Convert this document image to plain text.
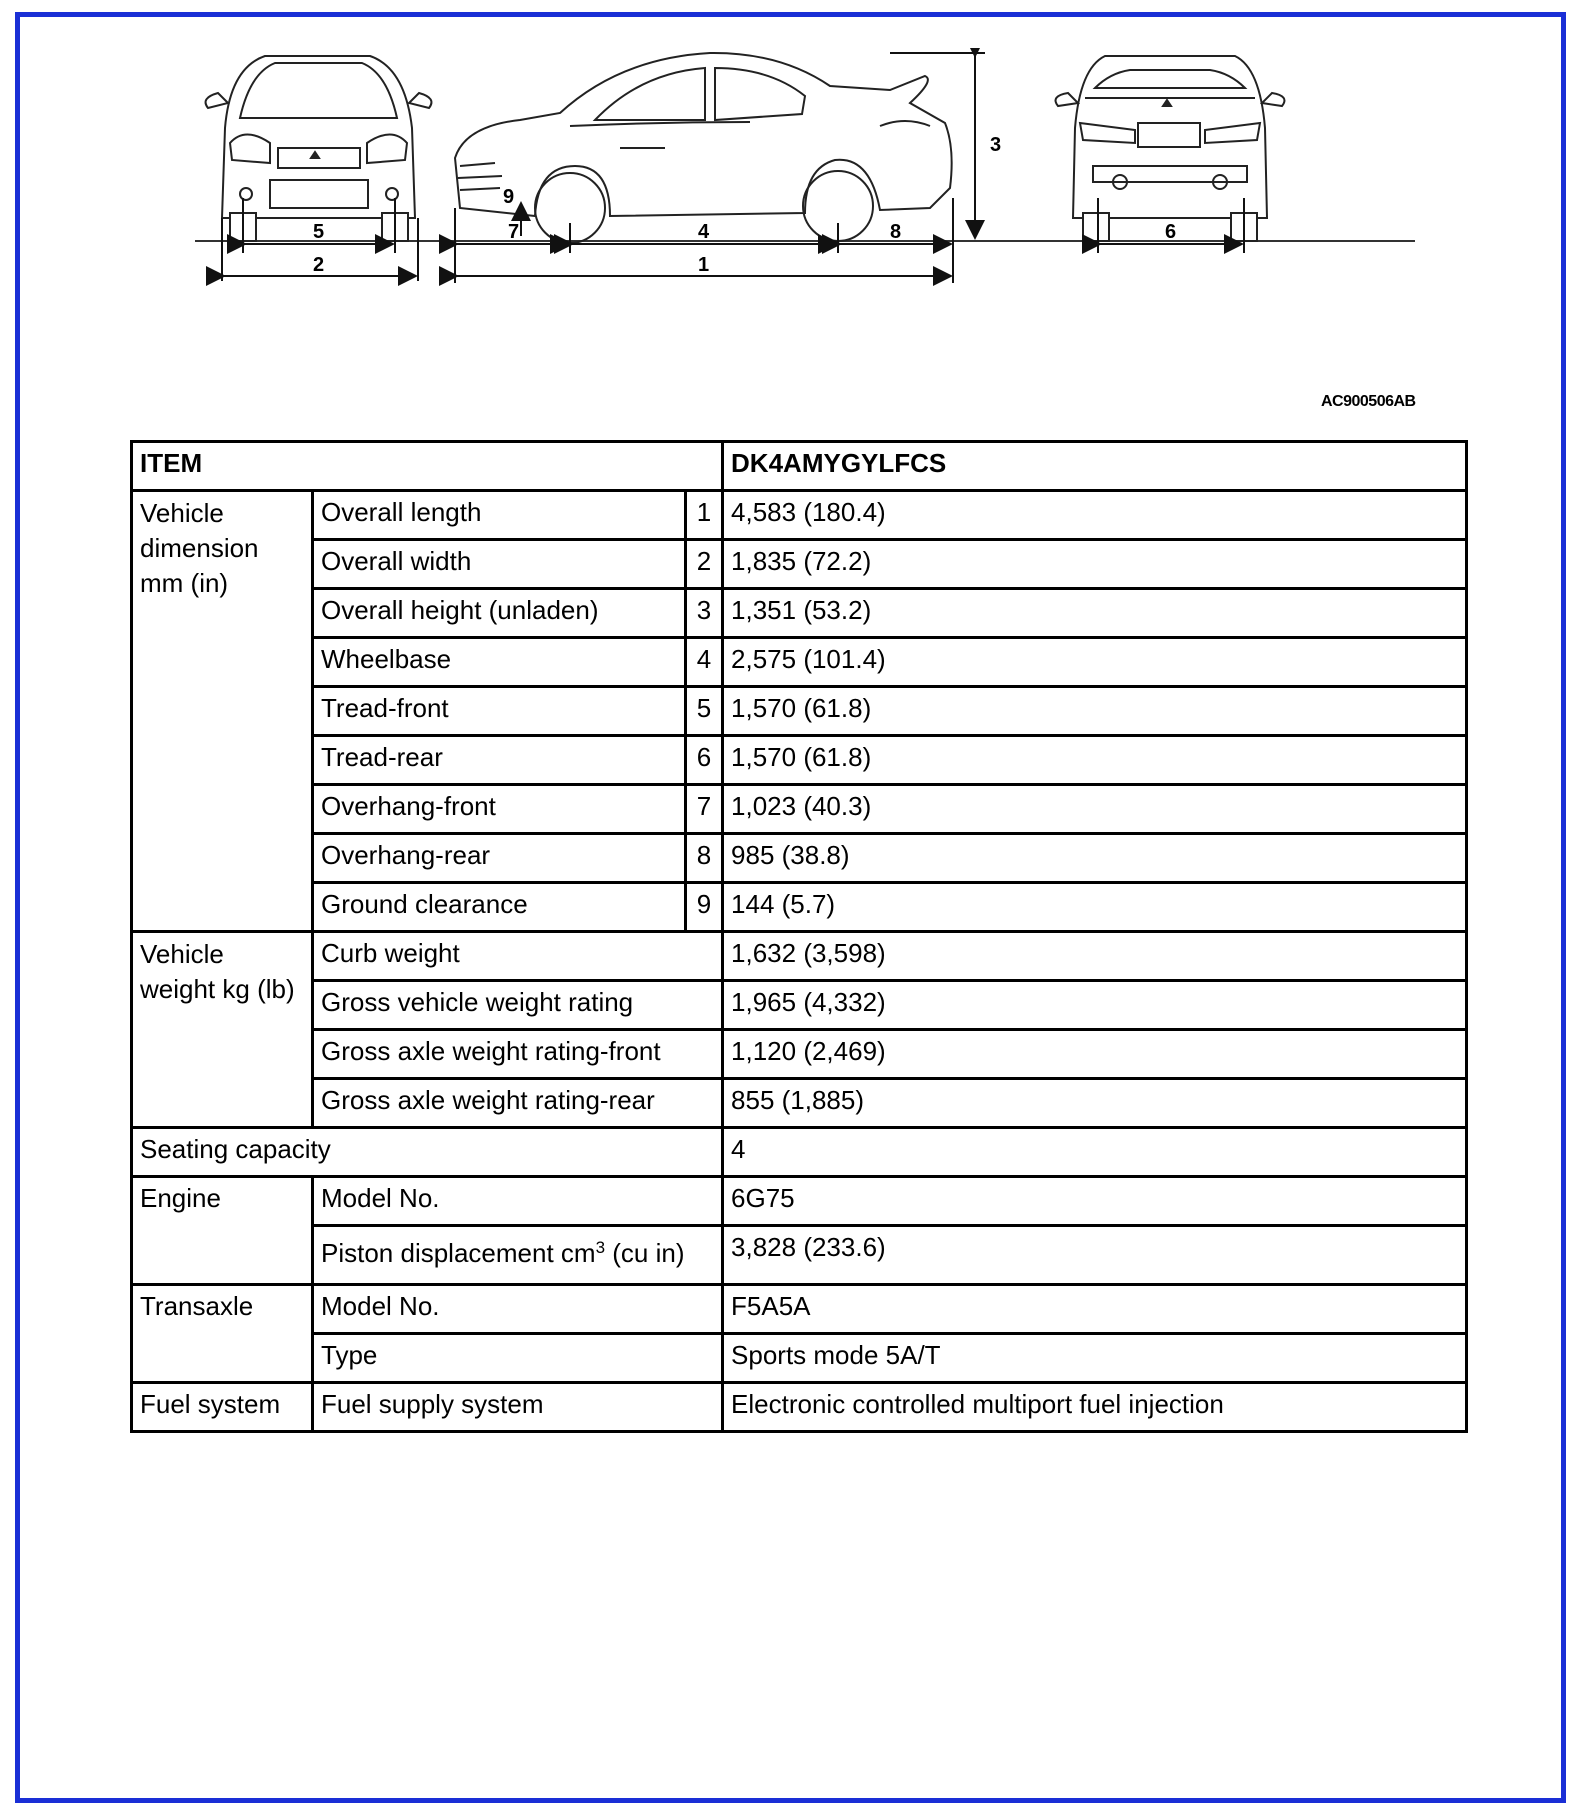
5
2	1
4
7	8
9
3
6
AC900506AB
ITEM			DK4AMYGYLFCS
Vehicle dimension mm (in)	Overall length	1	4,583 (180.4)
	Overall width	2	1,835 (72.2)
	Overall height (unladen)	3	1,351 (53.2)
	Wheelbase	4	2,575 (101.4)
	Tread-front	5	1,570 (61.8)
	Tread-rear	6	1,570 (61.8)
	Overhang-front	7	1,023 (40.3)
	Overhang-rear	8	985 (38.8)
	Ground clearance	9	144 (5.7)
Vehicle weight kg (lb)	Curb weight		1,632 (3,598)
	Gross vehicle weight rating		1,965 (4,332)
	Gross axle weight rating-front		1,120 (2,469)
	Gross axle weight rating-rear		855 (1,885)
Seating capacity			4
Engine	Model No.		6G75
	Piston displacement $cm^3$ (cu in)		3,828 (233.6)
Transaxle	Model No.		F5A5A
	Type		Sports mode 5A/T
Fuel system	Fuel supply system		Electronic controlled multiport fuel injection
